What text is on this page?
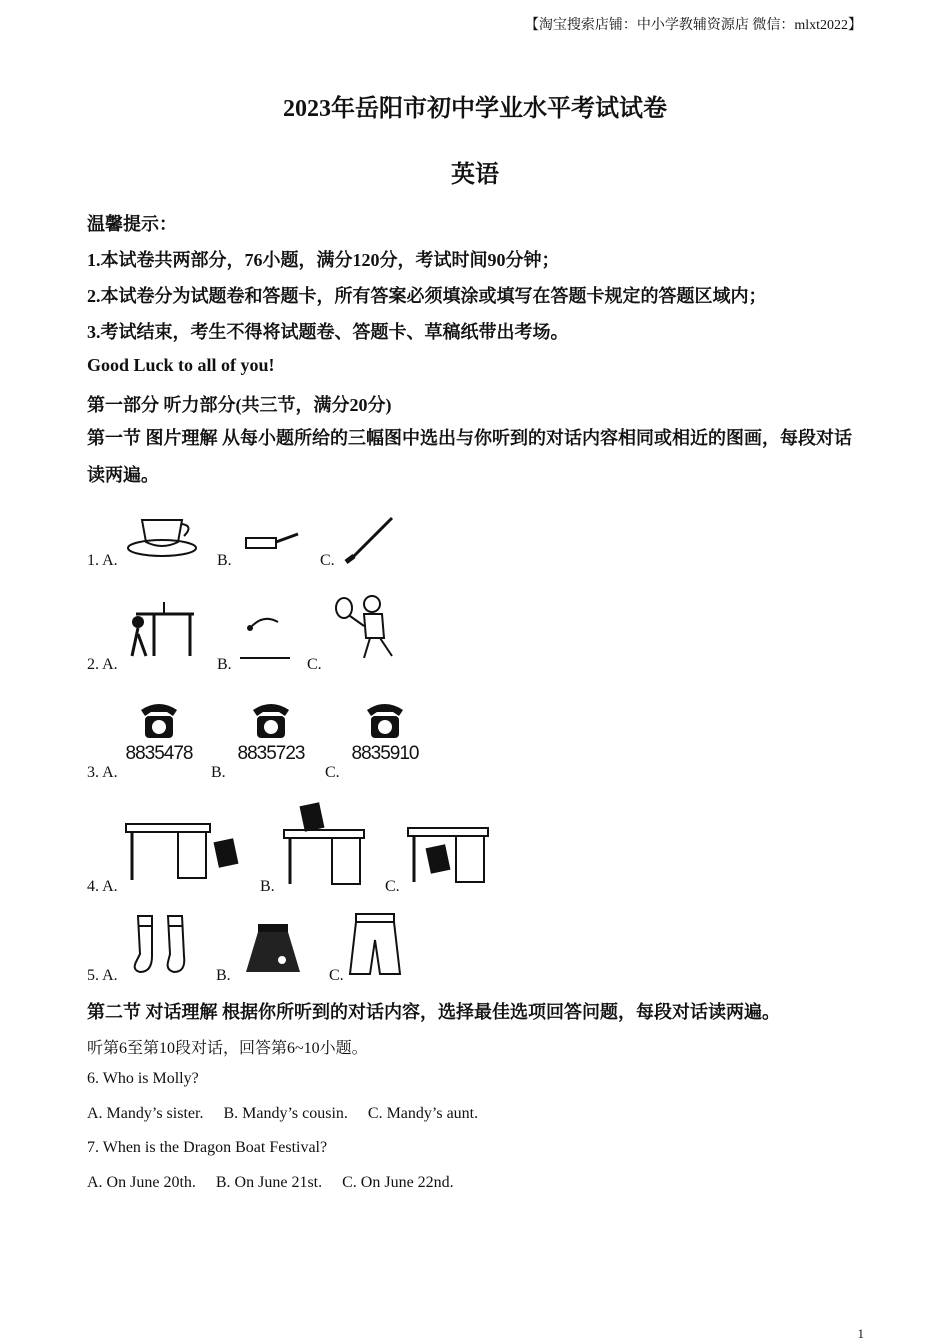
【淘宝搜索店铺：中小学教辅资源店 微信：mlxt2022】
2023年岳阳市初中学业水平考试试卷
英语
温馨提示：
1.本试卷共两部分，76小题，满分120分，考试时间90分钟；
2.本试卷分为试题卷和答题卡，所有答案必须填涂或填写在答题卡规定的答题区域内；
3.考试结束，考生不得将试题卷、答题卡、草稿纸带出考场。
Good Luck to all of you!
第一部分 听力部分(共三节，满分20分)
第一节 图片理解 从每小题所给的三幅图中选出与你听到的对话内容相同或相近的图画，每段对话读两遍。
1. A.	B.	C.
2. A.	B.	C.
3. A.	B.	C.
8835478 8835723 8835910
4. A.	B.	C.
5. A.	B.	C.
第二节 对话理解 根据你所听到的对话内容，选择最佳选项回答问题，每段对话读两遍。
听第6至第10段对话，回答第6~10小题。
6. Who is Molly?
A. Mandy’s sister.     B. Mandy’s cousin.     C. Mandy’s aunt.
7. When is the Dragon Boat Festival?
A. On June 20th.     B. On June 21st.     C. On June 22nd.
1
